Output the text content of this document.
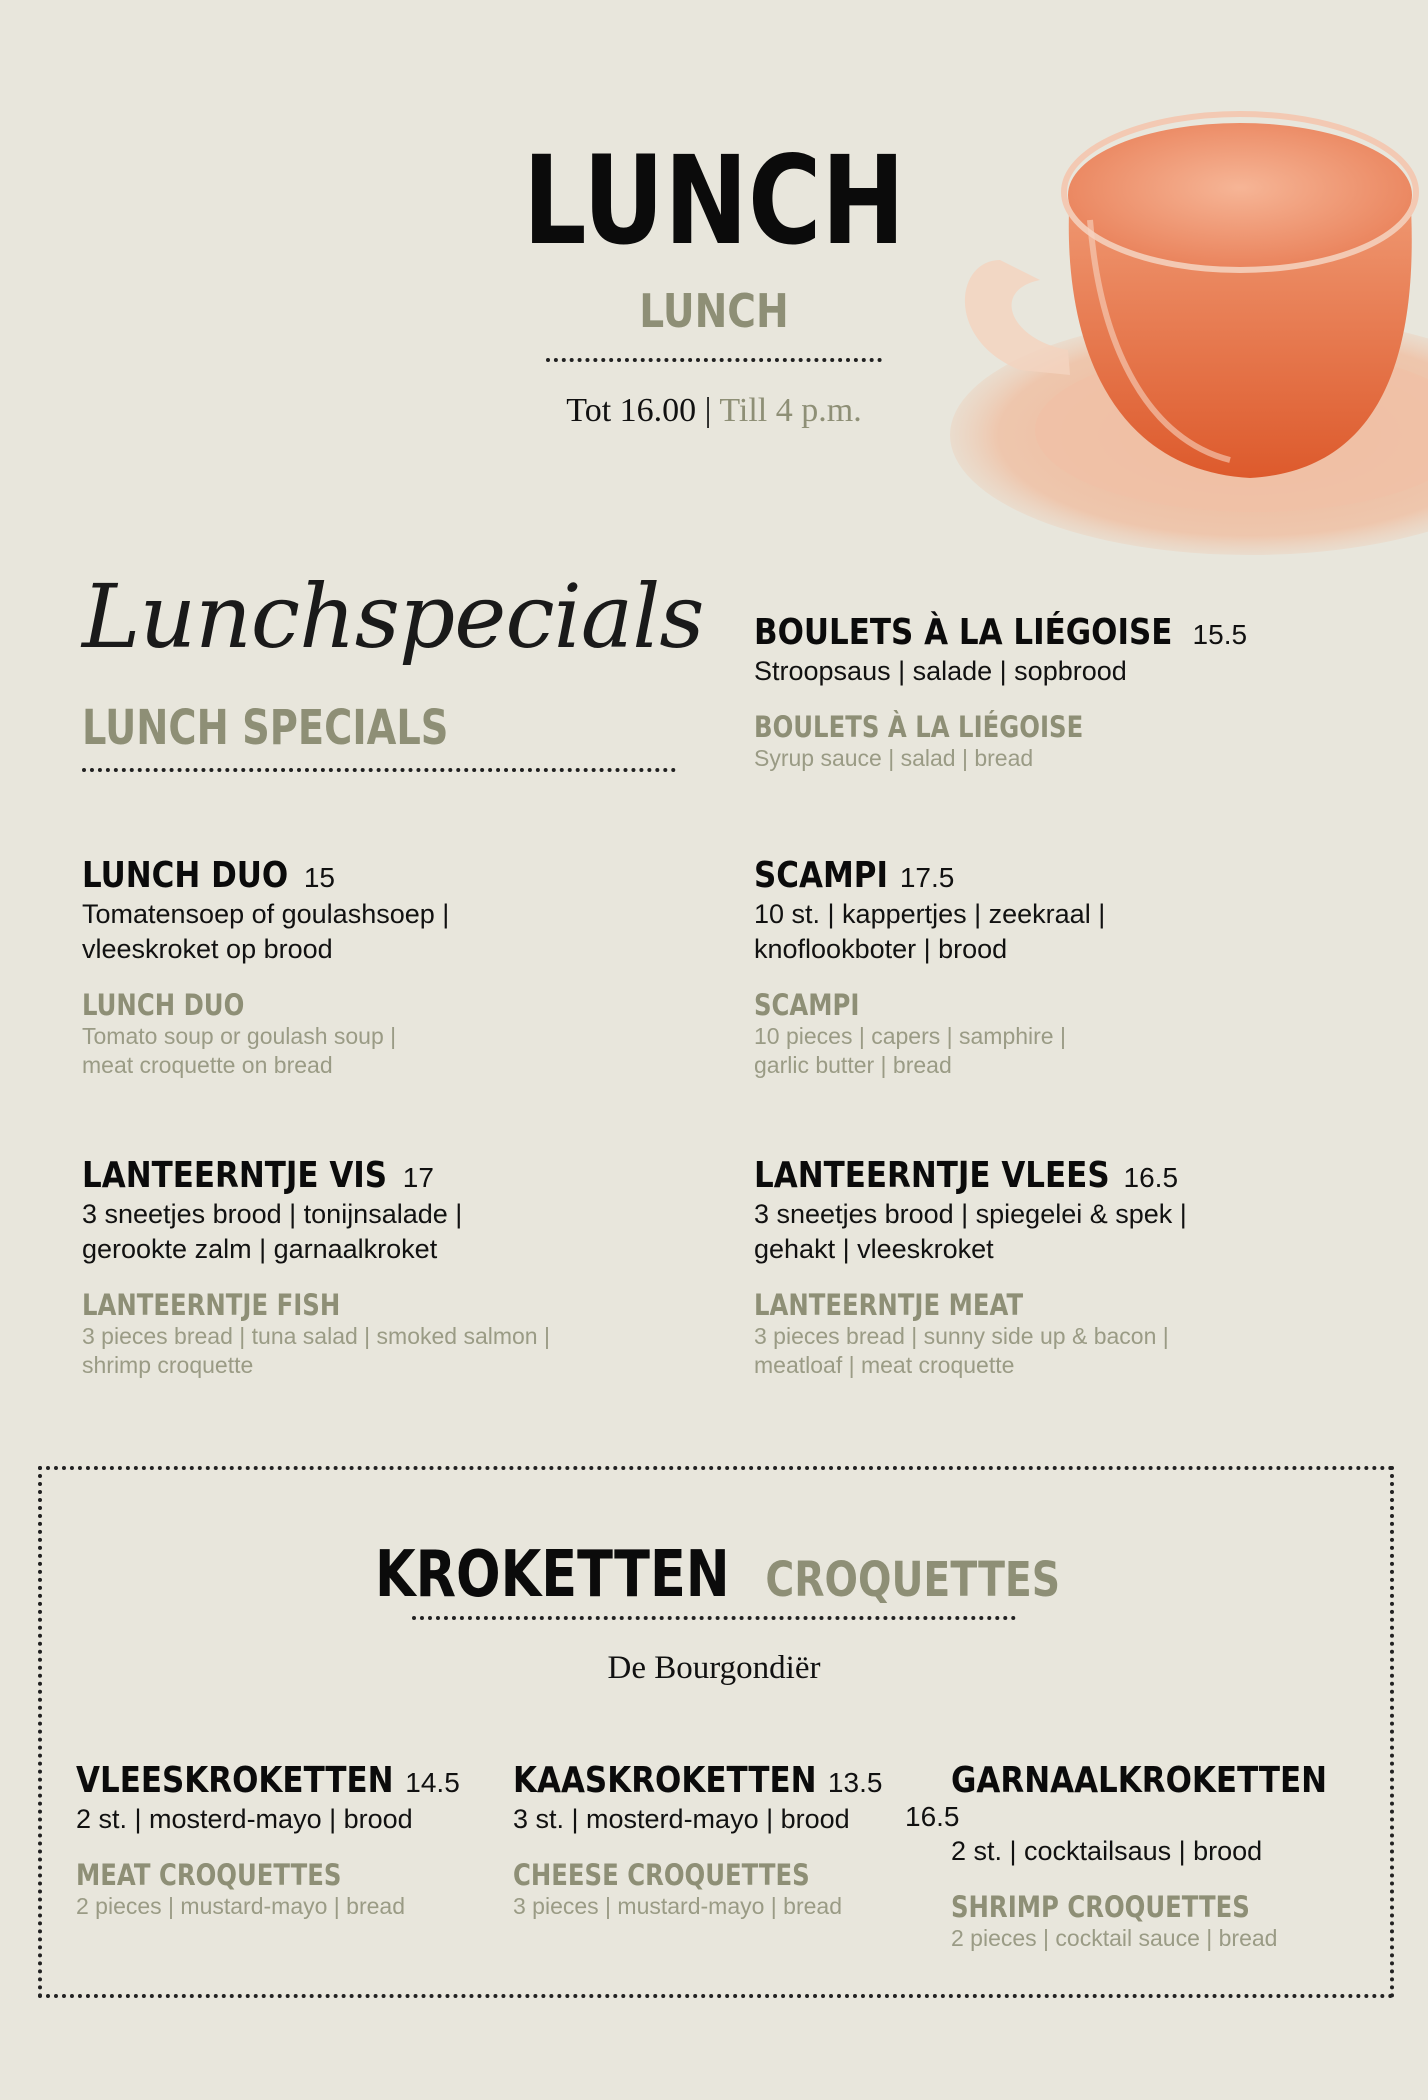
LUNCH
LUNCH
Tot 16.00 | Till 4 p.m.
Lunchspecials
LUNCH SPECIALS
BOULETS À LA LIÉGOISE 15.5
Stroopsaus | salade | sopbrood
BOULETS À LA LIÉGOISE
Syrup sauce | salad | bread
LUNCH DUO 15
Tomatensoep of goulashsoep |
vleeskroket op brood
LUNCH DUO
Tomato soup or goulash soup |
meat croquette on bread
SCAMPI 17.5
10 st. | kappertjes | zeekraal |
knoflookboter | brood
SCAMPI
10 pieces | capers | samphire |
garlic butter | bread
LANTEERNTJE VIS 17
3 sneetjes brood | tonijnsalade |
gerookte zalm | garnaalkroket
LANTEERNTJE FISH
3 pieces bread | tuna salad | smoked salmon |
shrimp croquette
LANTEERNTJE VLEES 16.5
3 sneetjes brood | spiegelei & spek |
gehakt | vleeskroket
LANTEERNTJE MEAT
3 pieces bread | sunny side up & bacon |
meatloaf | meat croquette
KROKETTEN CROQUETTES
De Bourgondiër
VLEESKROKETTEN 14.5
2 st. | mosterd-mayo | brood
MEAT CROQUETTES
2 pieces | mustard-mayo | bread
KAASKROKETTEN 13.5
3 st. | mosterd-mayo | brood
CHEESE CROQUETTES
3 pieces | mustard-mayo | bread
GARNAALKROKETTEN16.5
2 st. | cocktailsaus | brood
SHRIMP CROQUETTES
2 pieces | cocktail sauce | bread
